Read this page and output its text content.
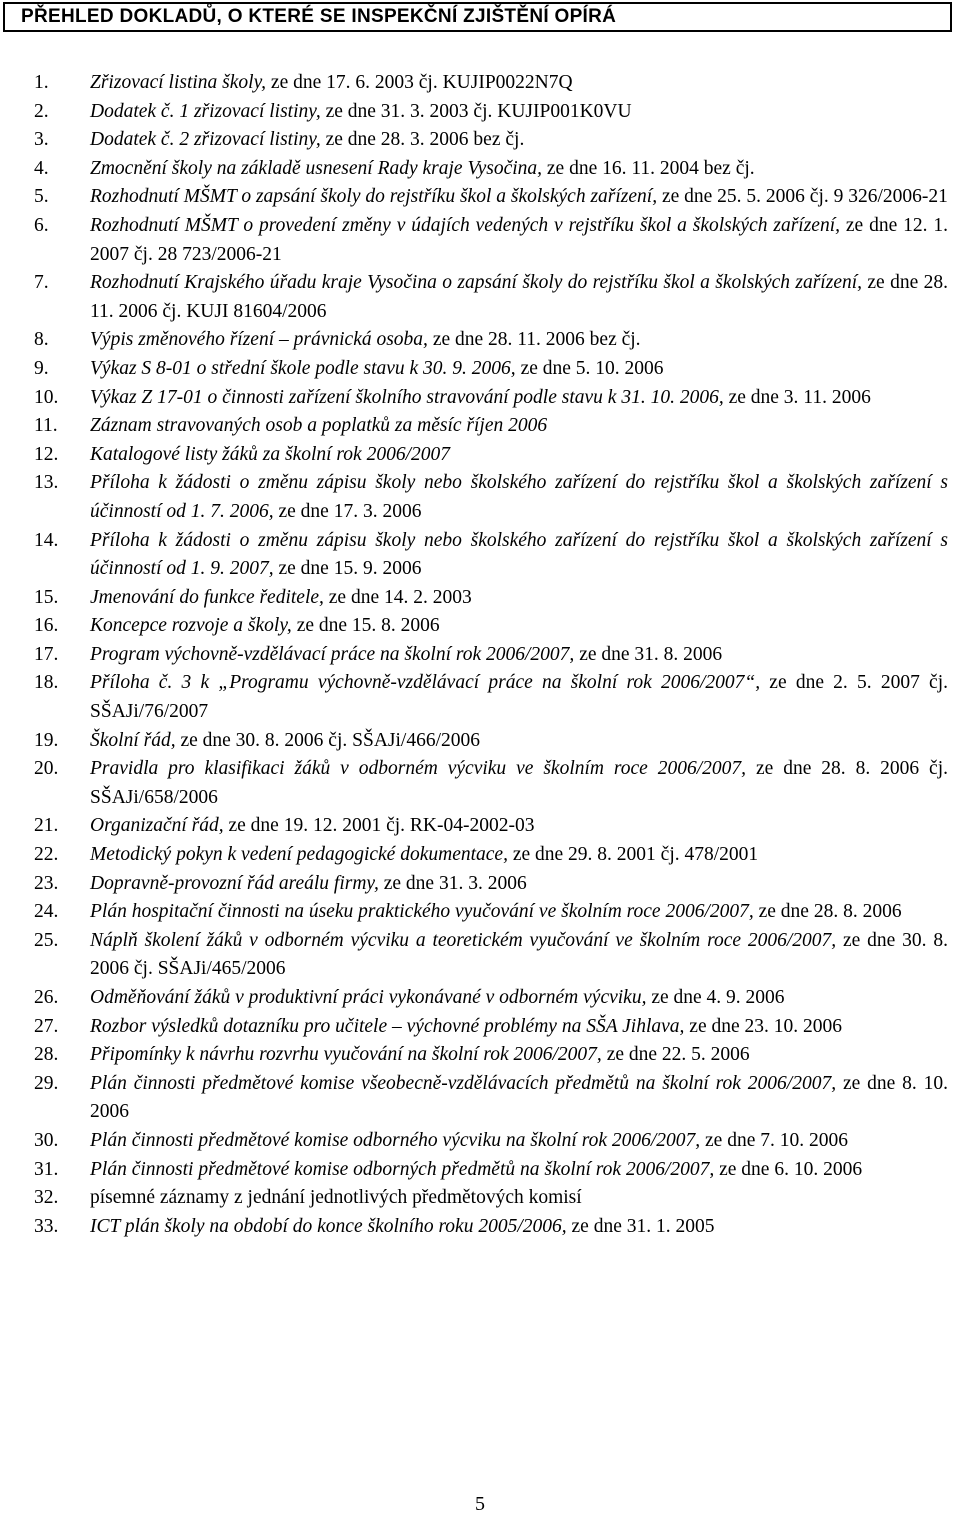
PŘEHLED DOKLADŮ, O KTERÉ SE INSPEKČNÍ ZJIŠTĚNÍ OPÍRÁ
1.	Zřizovací listina školy, ze dne 17. 6. 2003 čj. KUJIP0022N7Q
2.	Dodatek č. 1 zřizovací listiny, ze dne 31. 3. 2003 čj. KUJIP001K0VU
3.	Dodatek č. 2 zřizovací listiny, ze dne 28. 3. 2006 bez čj.
4.	Zmocnění školy na základě usnesení Rady kraje Vysočina, ze dne 16. 11. 2004 bez čj.
5.	Rozhodnutí MŠMT o zapsání školy do rejstříku škol a školských zařízení, ze dne 25. 5. 2006 čj. 9 326/2006-21
6.	Rozhodnutí MŠMT o provedení změny v údajích vedených v rejstříku škol a školských zařízení, ze dne 12. 1. 2007 čj. 28 723/2006-21
7.	Rozhodnutí Krajského úřadu kraje Vysočina o zapsání školy do rejstříku škol a školských zařízení, ze dne 28. 11. 2006 čj. KUJI 81604/2006
8.	Výpis změnového řízení – právnická osoba, ze dne 28. 11. 2006 bez čj.
9.	Výkaz S 8-01 o střední škole podle stavu k 30. 9. 2006, ze dne 5. 10. 2006
10.	Výkaz Z 17-01 o činnosti zařízení školního stravování podle stavu k 31. 10. 2006, ze dne 3. 11. 2006
11.	Záznam stravovaných osob a poplatků za měsíc říjen 2006
12.	Katalogové listy žáků za školní rok 2006/2007
13.	Příloha k žádosti o změnu zápisu školy nebo školského zařízení do rejstříku škol a školských zařízení s účinností od 1. 7. 2006, ze dne 17. 3. 2006
14.	Příloha k žádosti o změnu zápisu školy nebo školského zařízení do rejstříku škol a školských zařízení s účinností od 1. 9. 2007, ze dne 15. 9. 2006
15.	Jmenování do funkce ředitele, ze dne 14. 2. 2003
16.	Koncepce rozvoje a školy, ze dne 15. 8. 2006
17.	Program výchovně-vzdělávací práce na školní rok 2006/2007, ze dne 31. 8. 2006
18.	Příloha č. 3 k „Programu výchovně-vzdělávací práce na školní rok 2006/2007“, ze dne 2. 5. 2007 čj. SŠAJi/76/2007
19.	Školní řád, ze dne 30. 8. 2006 čj. SŠAJi/466/2006
20.	Pravidla pro klasifikaci žáků v odborném výcviku ve školním roce 2006/2007, ze dne 28. 8. 2006 čj. SŠAJi/658/2006
21.	Organizační řád, ze dne 19. 12. 2001 čj. RK-04-2002-03
22.	Metodický pokyn k vedení pedagogické dokumentace, ze dne 29. 8. 2001 čj. 478/2001
23.	Dopravně-provozní řád areálu firmy, ze dne 31. 3. 2006
24.	Plán hospitační činnosti na úseku praktického vyučování ve školním roce 2006/2007, ze dne 28. 8. 2006
25.	Náplň školení žáků v odborném výcviku a teoretickém vyučování ve školním roce 2006/2007, ze dne 30. 8. 2006 čj. SŠAJi/465/2006
26.	Odměňování žáků v produktivní práci vykonávané v odborném výcviku, ze dne 4. 9. 2006
27.	Rozbor výsledků dotazníku pro učitele – výchovné problémy na SŠA Jihlava, ze dne 23. 10. 2006
28.	Připomínky k návrhu rozvrhu vyučování na školní rok 2006/2007, ze dne 22. 5. 2006
29.	Plán činnosti předmětové komise všeobecně-vzdělávacích předmětů na školní rok 2006/2007, ze dne 8. 10. 2006
30.	Plán činnosti předmětové komise odborného výcviku na školní rok 2006/2007, ze dne 7. 10. 2006
31.	Plán činnosti předmětové komise odborných předmětů na školní rok 2006/2007, ze dne 6. 10. 2006
32.	písemné záznamy z jednání jednotlivých předmětových komisí
33.	ICT plán školy na období do konce školního roku 2005/2006, ze dne 31. 1. 2005
5
